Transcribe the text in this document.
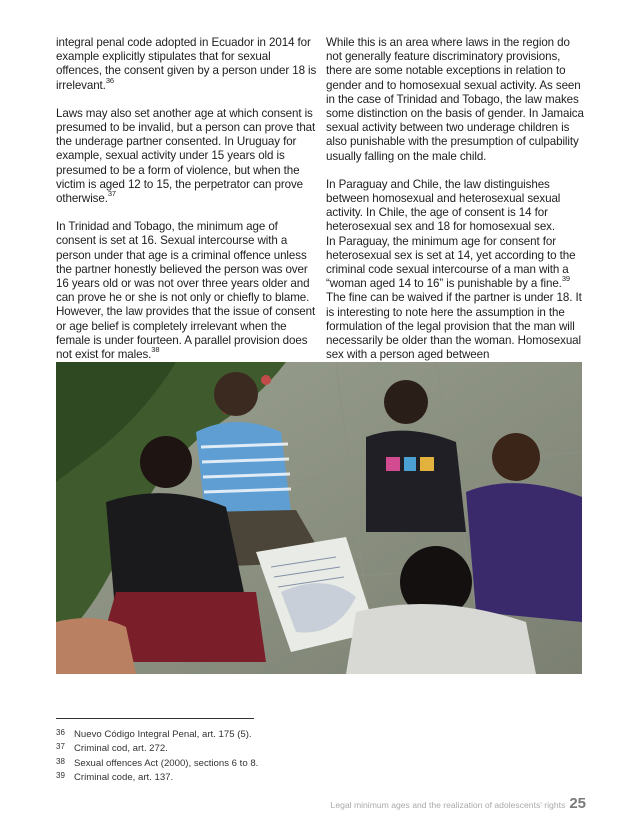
integral penal code adopted in Ecuador in 2014 for example explicitly stipulates that for sexual offences, the consent given by a person under 18 is irrelevant.$^{36}$

Laws may also set another age at which consent is presumed to be invalid, but a person can prove that the underage partner consented. In Uruguay for example, sexual activity under 15 years old is presumed to be a form of violence, but when the victim is aged 12 to 15, the perpetrator can prove otherwise.$^{37}$

In Trinidad and Tobago, the minimum age of consent is set at 16. Sexual intercourse with a person under that age is a criminal offence unless the partner honestly believed the person was over 16 years old or was not over three years older and can prove he or she is not only or chiefly to blame. However, the law provides that the issue of consent or age belief is completely irrelevant when the female is under fourteen. A parallel provision does not exist for males.$^{38}$

While this is an area where laws in the region do not generally feature discriminatory provisions, there are some notable exceptions in relation to gender and to homosexual sexual activity. As seen in the case of Trinidad and Tobago, the law makes some distinction on the basis of gender. In Jamaica sexual activity between two underage children is also punishable with the presumption of culpability usually falling on the male child.

In Paraguay and Chile, the law distinguishes between homosexual and heterosexual sexual activity. In Chile, the age of consent is 14 for heterosexual sex and 18 for homosexual sex.

In Paraguay, the minimum age for consent for heterosexual sex is set at 14, yet according to the criminal code sexual intercourse of a man with a “woman aged 14 to 16” is punishable by a fine.$^{39}$

The fine can be waived if the partner is under 18. It is interesting to note here the assumption in the formulation of the legal provision that the man will necessarily be older than the woman. Homosexual sex with a person aged between

36 Nuevo Código Integral Penal, art. 175 (5).
37 Criminal cod, art. 272.
38 Sexual offences Act (2000), sections 6 to 8.
39 Criminal code, art. 137.
Legal minimum ages and the realization of adolescents' rights 25
